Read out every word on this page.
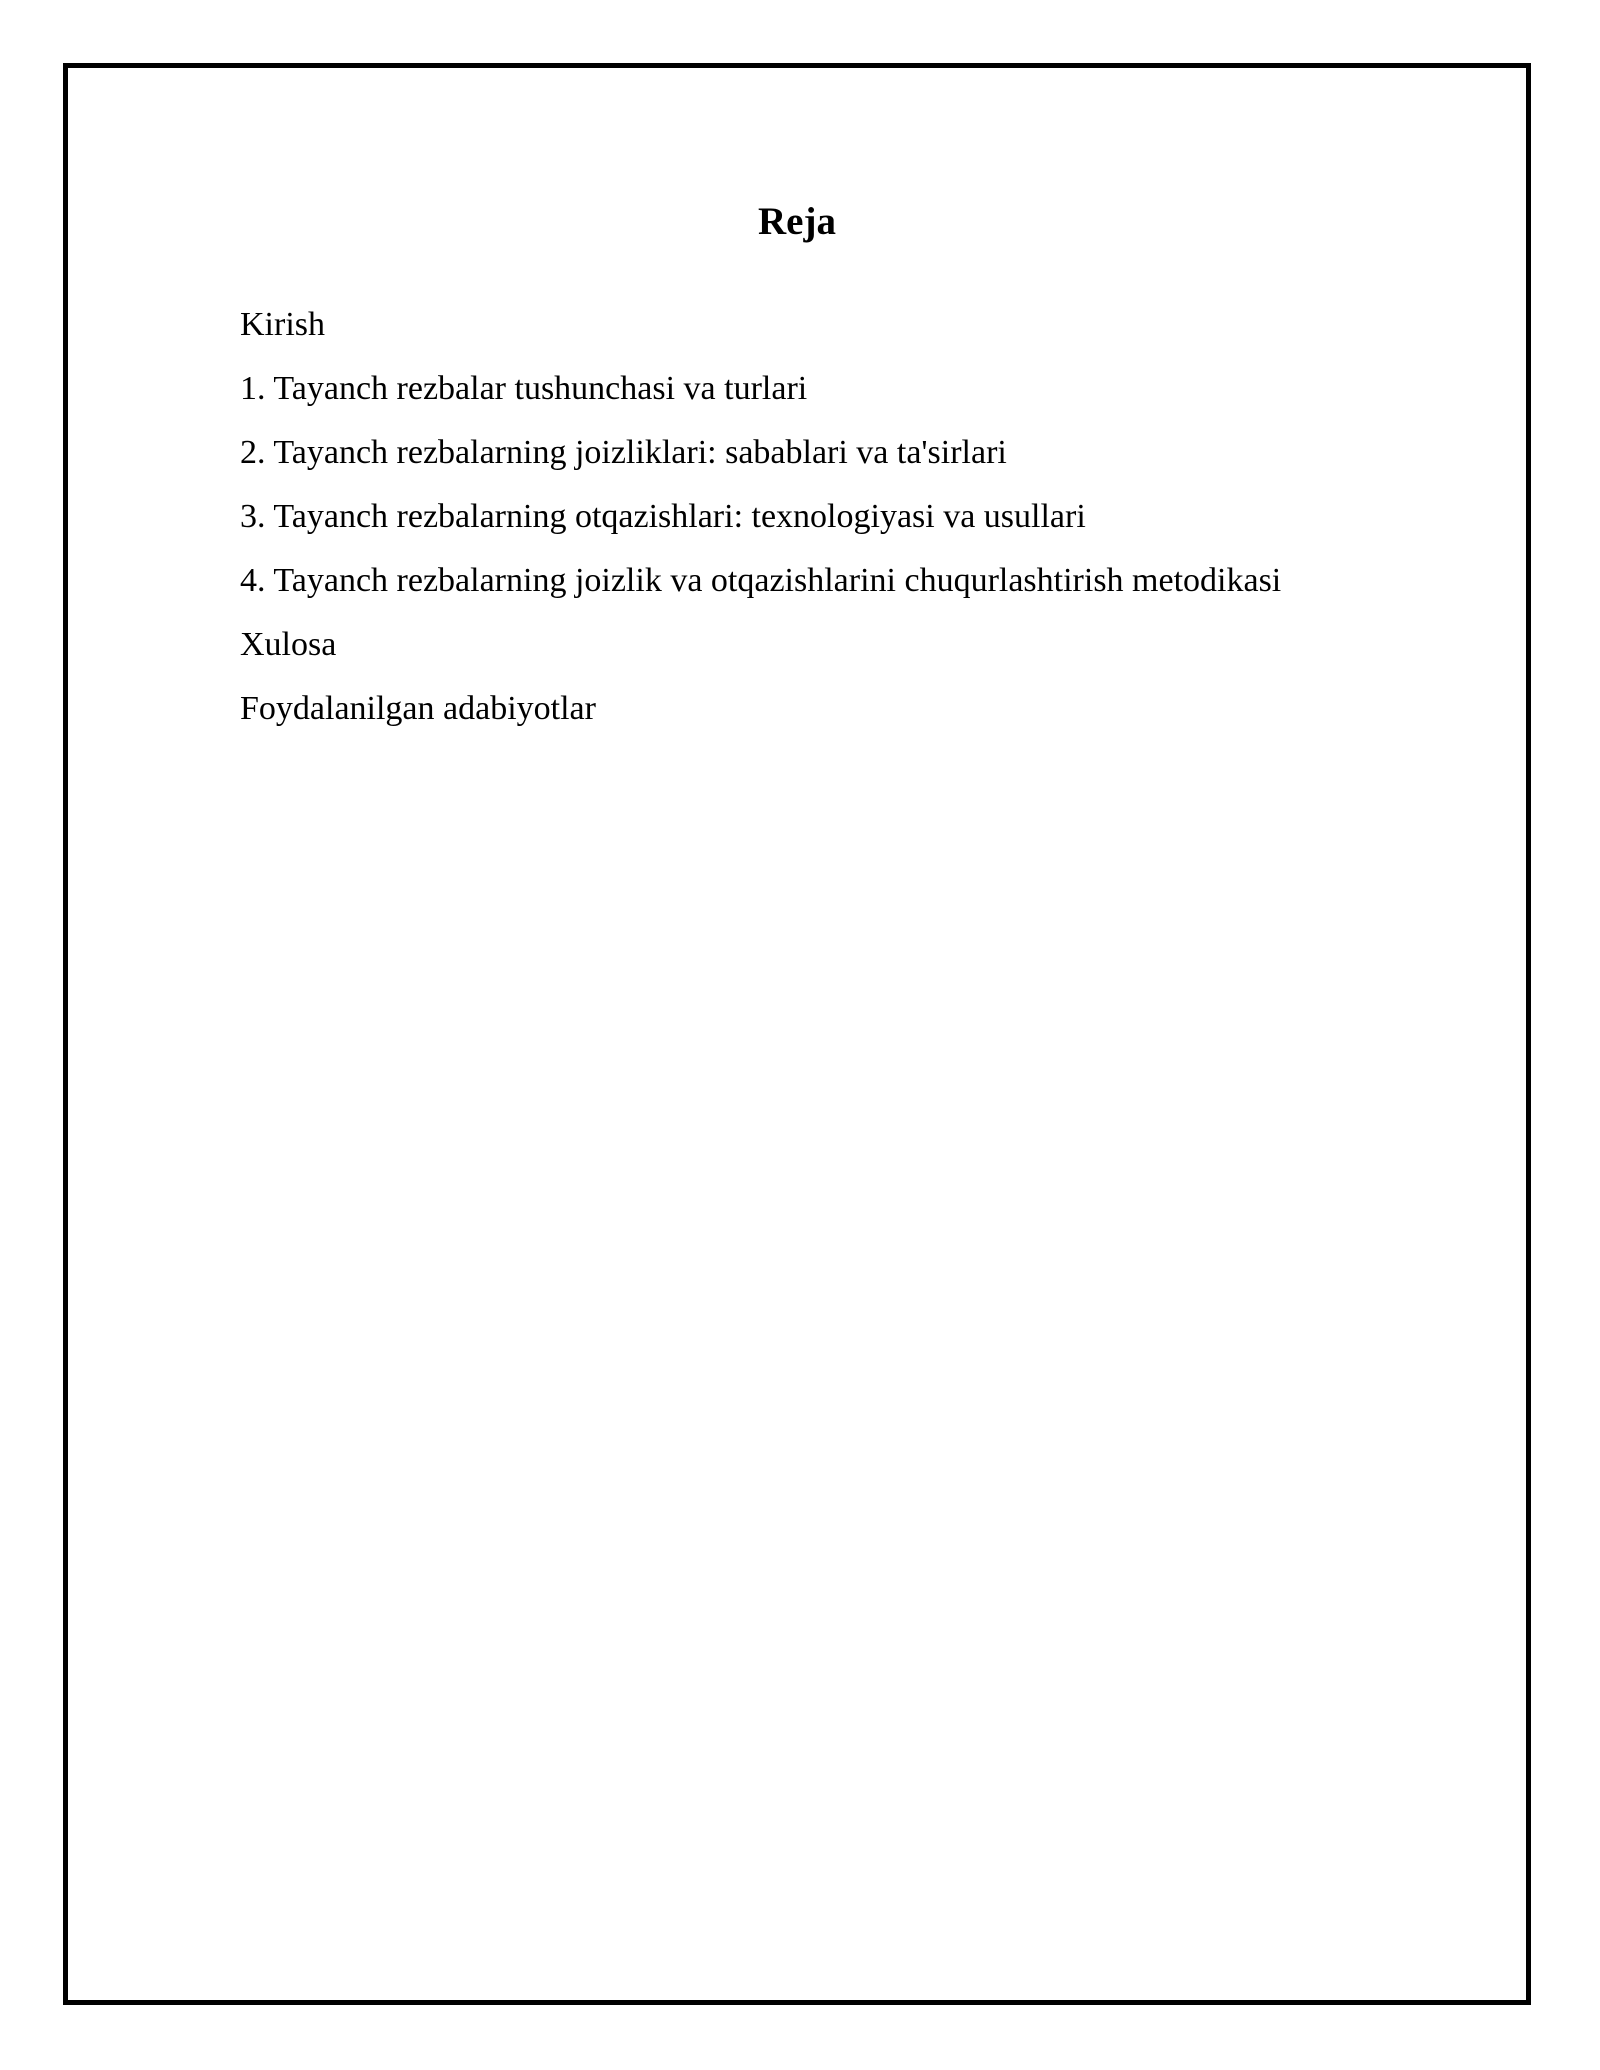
Reja
Kirish
1. Tayanch rezbalar tushunchasi va turlari
2. Tayanch rezbalarning joizliklari: sabablari va ta'sirlari
3. Tayanch rezbalarning otqazishlari: texnologiyasi va usullari
4. Tayanch rezbalarning joizlik va otqazishlarini chuqurlashtirish metodikasi
Xulosa
Foydalanilgan adabiyotlar
